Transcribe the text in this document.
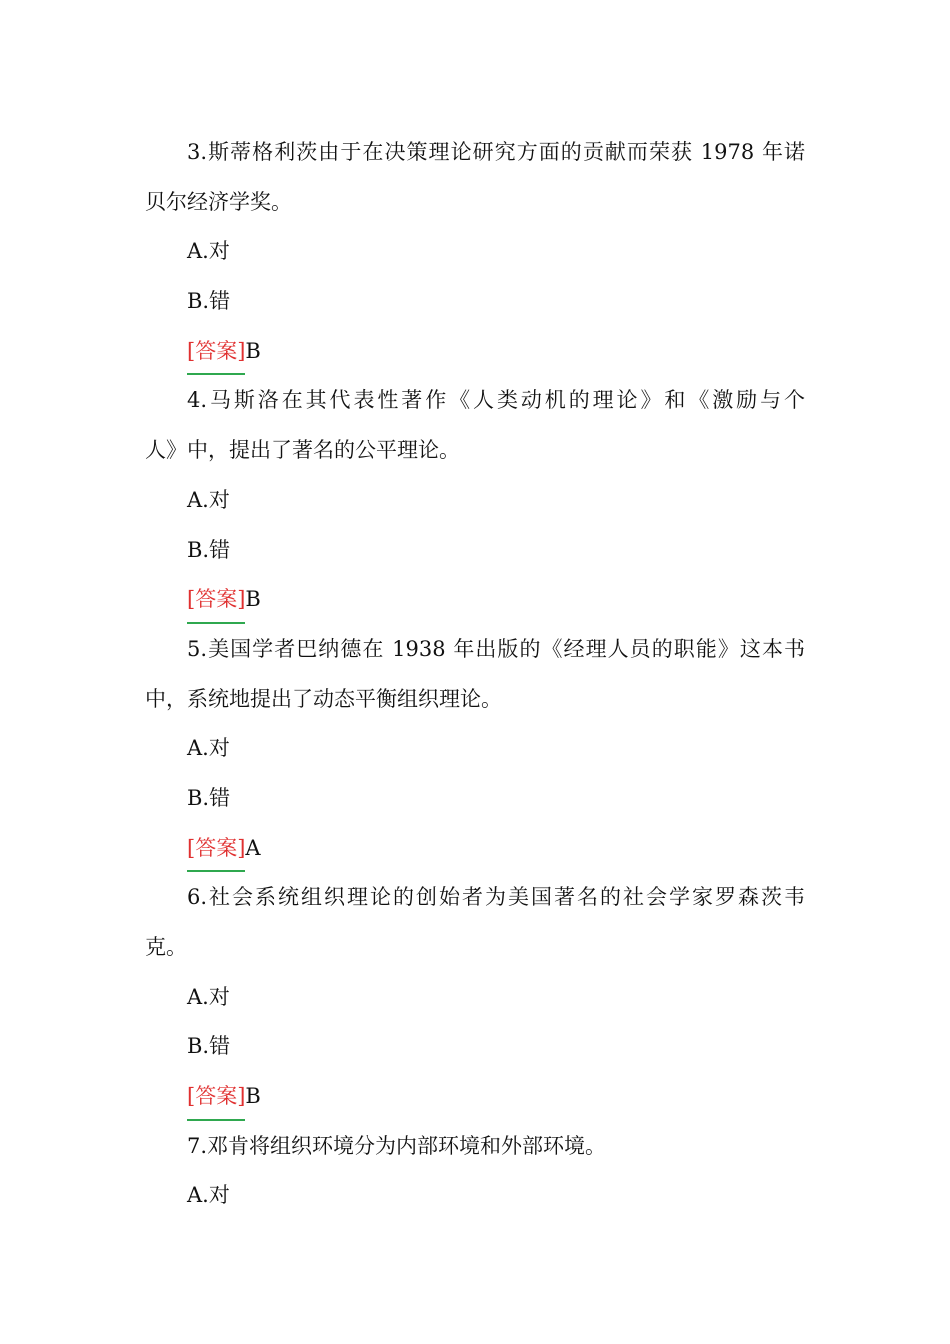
3.斯蒂格利茨由于在决策理论研究方面的贡献而荣获 1978 年诺
贝尔经济学奖。
A.对
B.错
[答案]B
4.马斯洛在其代表性著作《人类动机的理论》和《激励与个
人》中，提出了著名的公平理论。
A.对
B.错
[答案]B
5.美国学者巴纳德在 1938 年出版的《经理人员的职能》这本书
中，系统地提出了动态平衡组织理论。
A.对
B.错
[答案]A
6.社会系统组织理论的创始者为美国著名的社会学家罗森茨韦
克。
A.对
B.错
[答案]B
7.邓肯将组织环境分为内部环境和外部环境。
A.对
